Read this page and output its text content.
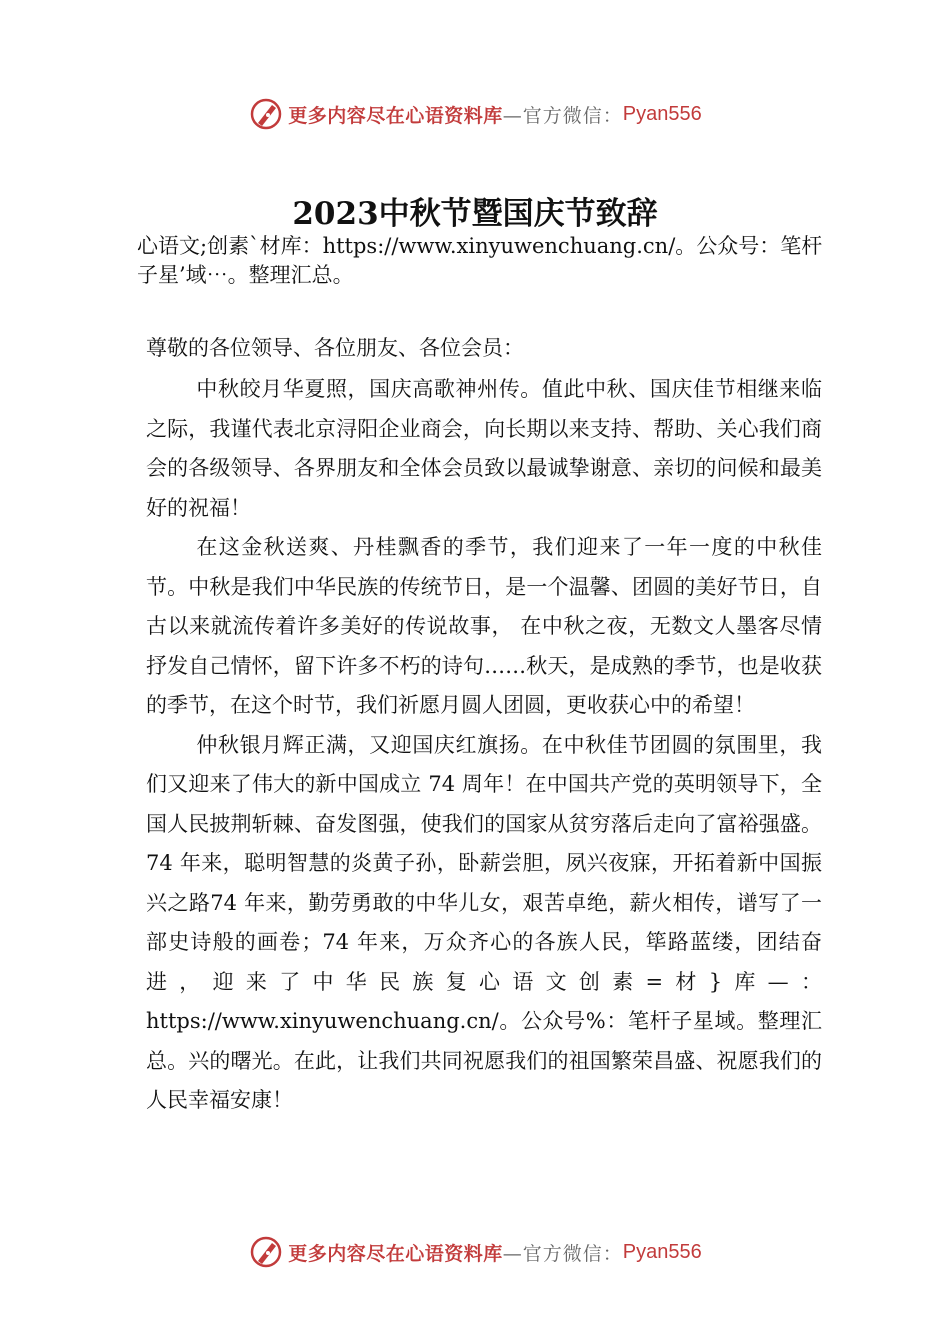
更多内容尽在心语资料库 —官方微信： Pyan556
2023中秋节暨国庆节致辞
心语文;创素`材库：https://www.xinyuwenchuang.cn/。公众号：笔杆子星’域⋯。整理汇总。
尊敬的各位领导、各位朋友、各位会员：

中秋皎月华夏照，国庆高歌神州传。值此中秋、国庆佳节相继来临之际，我谨代表北京浔阳企业商会，向长期以来支持、帮助、关心我们商会的各级领导、各界朋友和全体会员致以最诚挚谢意、亲切的问候和最美好的祝福！

在这金秋送爽、丹桂飘香的季节，我们迎来了一年一度的中秋佳节。中秋是我们中华民族的传统节日，是一个温馨、团圆的美好节日，自古以来就流传着许多美好的传说故事， 在中秋之夜，无数文人墨客尽情抒发自己情怀，留下许多不朽的诗句……秋天，是成熟的季节，也是收获的季节，在这个时节，我们祈愿月圆人团圆，更收获心中的希望！

仲秋银月辉正满，又迎国庆红旗扬。在中秋佳节团圆的氛围里，我们又迎来了伟大的新中国成立 74 周年！在中国共产党的英明领导下，全国人民披荆斩棘、奋发图强，使我们的国家从贫穷落后走向了富裕强盛。74 年来，聪明智慧的炎黄子孙，卧薪尝胆，夙兴夜寐，开拓着新中国振兴之路74 年来，勤劳勇敢的中华儿女，艰苦卓绝，薪火相传，谱写了一部史诗般的画卷；74 年来，万众齐心的各族人民，筚路蓝缕，团结奋进，迎来了中华民族复心语文创素=材}库—：https://www.xinyuwenchuang.cn/。公众号%：笔杆子星域。整理汇总。兴的曙光。在此，让我们共同祝愿我们的祖国繁荣昌盛、祝愿我们的人民幸福安康！

更多内容尽在心语资料库 —官方微信： Pyan556
